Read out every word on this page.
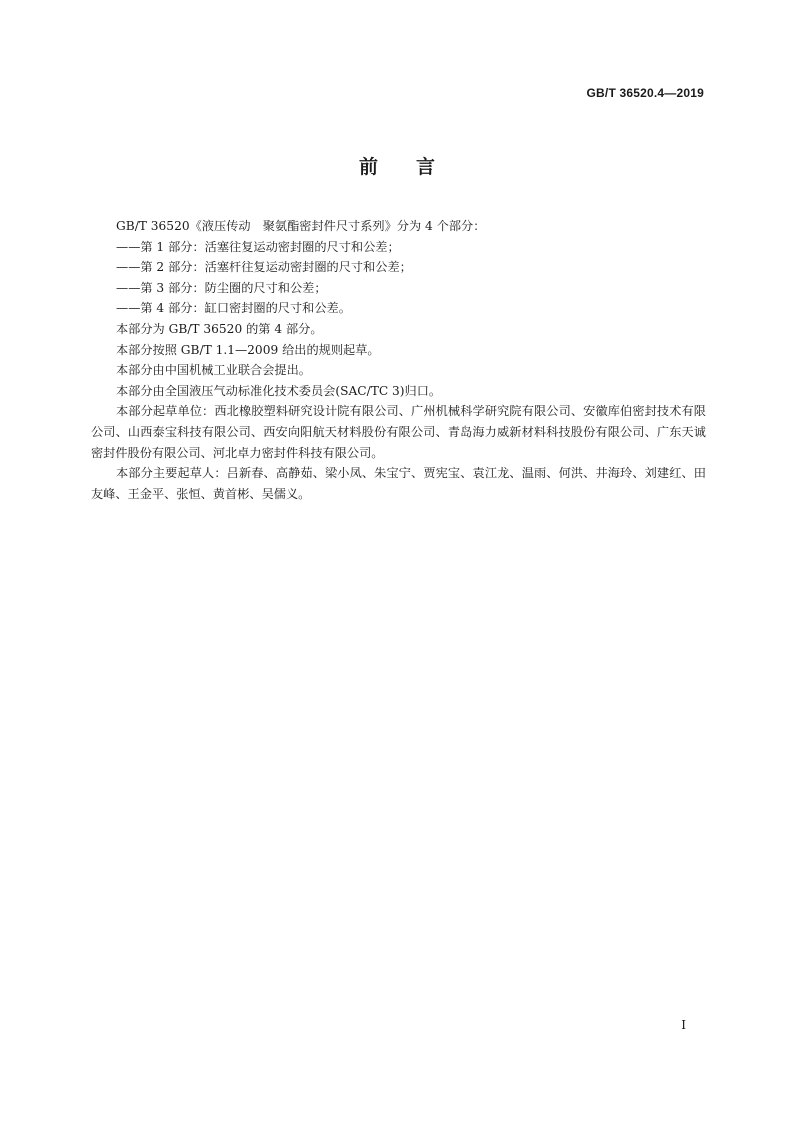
GB/T 36520.4—2019
前言

GB/T 36520《液压传动　聚氨酯密封件尺寸系列》分为 4 个部分：

——第 1 部分：活塞往复运动密封圈的尺寸和公差；

——第 2 部分：活塞杆往复运动密封圈的尺寸和公差；

——第 3 部分：防尘圈的尺寸和公差；

——第 4 部分：缸口密封圈的尺寸和公差。

本部分为 GB/T 36520 的第 4 部分。

本部分按照 GB/T 1.1—2009 给出的规则起草。

本部分由中国机械工业联合会提出。

本部分由全国液压气动标准化技术委员会(SAC/TC 3)归口。

本部分起草单位：西北橡胶塑料研究设计院有限公司、广州机械科学研究院有限公司、安徽库伯密封技术有限公司、山西泰宝科技有限公司、西安向阳航天材料股份有限公司、青岛海力威新材料科技股份有限公司、广东天诚密封件股份有限公司、河北卓力密封件科技有限公司。

本部分主要起草人：吕新春、高静茹、梁小凤、朱宝宁、贾宪宝、袁江龙、温雨、何洪、井海玲、刘建红、田友峰、王金平、张恒、黄首彬、吴儒义。

I
